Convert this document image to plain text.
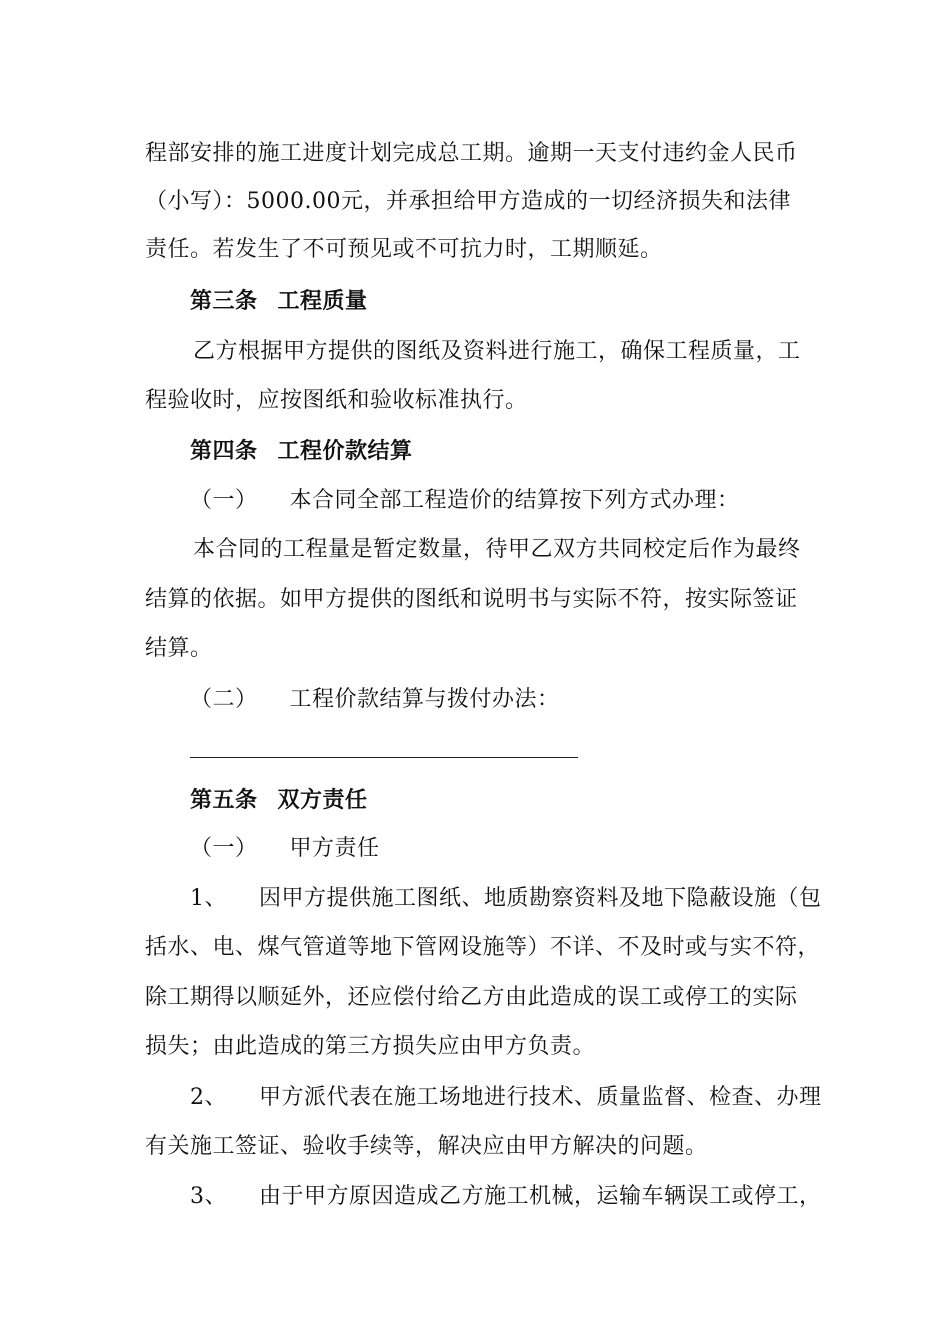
程部安排的施工进度计划完成总工期。逾期一天支付违约金人民币
（小写）：5000.00元，并承担给甲方造成的一切经济损失和法律
责任。若发生了不可预见或不可抗力时，工期顺延。
第三条 工程质量
乙方根据甲方提供的图纸及资料进行施工，确保工程质量，工
程验收时，应按图纸和验收标准执行。
第四条 工程价款结算
（一） 本合同全部工程造价的结算按下列方式办理：
本合同的工程量是暂定数量，待甲乙双方共同校定后作为最终
结算的依据。如甲方提供的图纸和说明书与实际不符，按实际签证
结算。
（二） 工程价款结算与拨付办法：
第五条 双方责任
（一） 甲方责任
1、 因甲方提供施工图纸、地质勘察资料及地下隐蔽设施（包
括水、电、煤气管道等地下管网设施等）不详、不及时或与实不符，
除工期得以顺延外，还应偿付给乙方由此造成的误工或停工的实际
损失；由此造成的第三方损失应由甲方负责。
2、 甲方派代表在施工场地进行技术、质量监督、检查、办理
有关施工签证、验收手续等，解决应由甲方解决的问题。
3、 由于甲方原因造成乙方施工机械，运输车辆误工或停工，
